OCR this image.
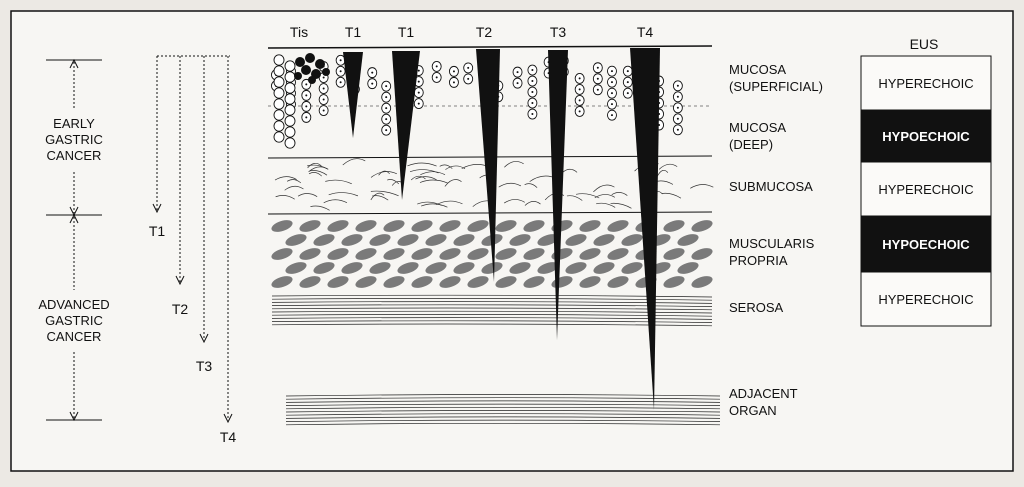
EARLY
GASTRIC
CANCER
ADVANCED
GASTRIC
CANCER
T1
T2
T3
T4
Tis	T1	T1	T2	T3	T4
MUCOSA
(SUPERFICIAL)
MUCOSA
(DEEP)
SUBMUCOSA
MUSCULARIS
PROPRIA
SEROSA
ADJACENT
ORGAN
EUS
HYPERECHOIC
HYPOECHOIC
HYPERECHOIC
HYPOECHOIC
HYPERECHOIC
